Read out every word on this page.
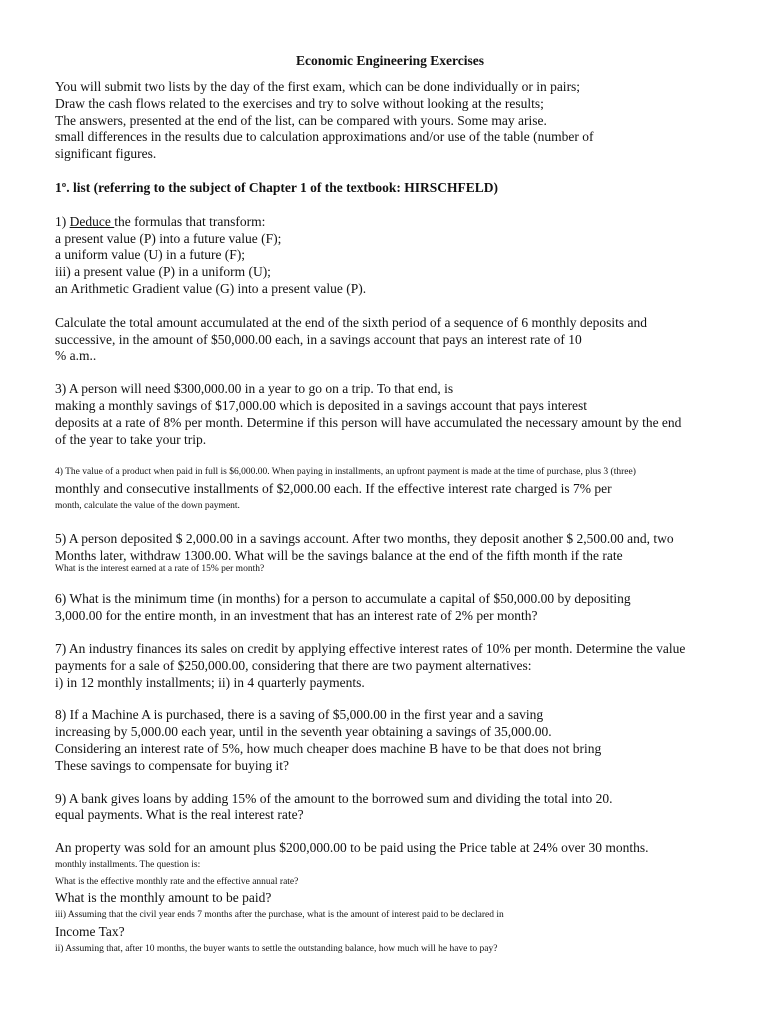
Economic Engineering Exercises
You will submit two lists by the day of the first exam, which can be done individually or in pairs;
Draw the cash flows related to the exercises and try to solve without looking at the results;
The answers, presented at the end of the list, can be compared with yours. Some may arise.
small differences in the results due to calculation approximations and/or use of the table (number of
significant figures.
1º. list (referring to the subject of Chapter 1 of the textbook: HIRSCHFELD)
1) Deduce the formulas that transform:
a present value (P) into a future value (F);
a uniform value (U) in a future (F);
iii) a present value (P) in a uniform (U);
an Arithmetic Gradient value (G) into a present value (P).
Calculate the total amount accumulated at the end of the sixth period of a sequence of 6 monthly deposits and
successive, in the amount of $50,000.00 each, in a savings account that pays an interest rate of 10
% a.m..
3) A person will need $300,000.00 in a year to go on a trip. To that end, is
making a monthly savings of $17,000.00 which is deposited in a savings account that pays interest
deposits at a rate of 8% per month. Determine if this person will have accumulated the necessary amount by the end
of the year to take your trip.
4) The value of a product when paid in full is $6,000.00. When paying in installments, an upfront payment is made at the time of purchase, plus 3 (three)
monthly and consecutive installments of $2,000.00 each. If the effective interest rate charged is 7% per
month, calculate the value of the down payment.
5) A person deposited $ 2,000.00 in a savings account. After two months, they deposit another $ 2,500.00 and, two
Months later, withdraw 1300.00. What will be the savings balance at the end of the fifth month if the rate
What is the interest earned at a rate of 15% per month?
6) What is the minimum time (in months) for a person to accumulate a capital of $50,000.00 by depositing
3,000.00 for the entire month, in an investment that has an interest rate of 2% per month?
7) An industry finances its sales on credit by applying effective interest rates of 10% per month. Determine the value
payments for a sale of $250,000.00, considering that there are two payment alternatives:
i) in 12 monthly installments; ii) in 4 quarterly payments.
8) If a Machine A is purchased, there is a saving of $5,000.00 in the first year and a saving
increasing by 5,000.00 each year, until in the seventh year obtaining a savings of 35,000.00.
Considering an interest rate of 5%, how much cheaper does machine B have to be that does not bring
These savings to compensate for buying it?
9) A bank gives loans by adding 15% of the amount to the borrowed sum and dividing the total into 20.
equal payments. What is the real interest rate?
An property was sold for an amount plus $200,000.00 to be paid using the Price table at 24% over 30 months.
monthly installments. The question is:
What is the effective monthly rate and the effective annual rate?
What is the monthly amount to be paid?
iii) Assuming that the civil year ends 7 months after the purchase, what is the amount of interest paid to be declared in
Income Tax?
ii) Assuming that, after 10 months, the buyer wants to settle the outstanding balance, how much will he have to pay?
